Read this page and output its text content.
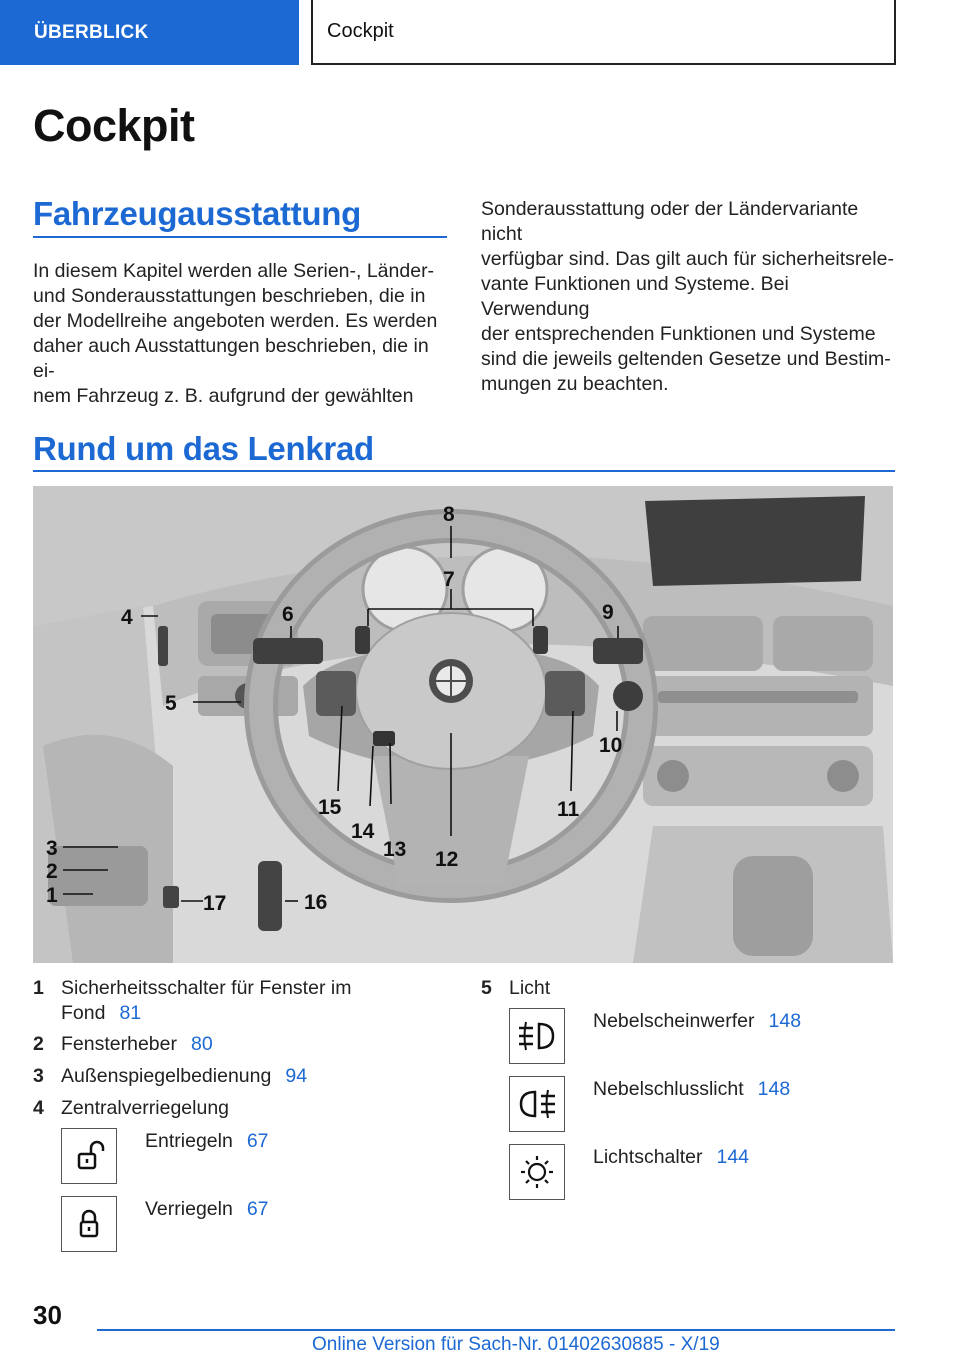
ÜBERBLICK	Cockpit
Cockpit
Fahrzeugausstattung

In diesem Kapitel werden alle Serien-, Länder-
und Sonderausstattungen beschrieben, die in
der Modellreihe angeboten werden. Es werden
daher auch Ausstattungen beschrieben, die in ei-
nem Fahrzeug z. B. aufgrund der gewählten

Sonderausstattung oder der Ländervariante nicht
verfügbar sind. Das gilt auch für sicherheitsrele-
vante Funktionen und Systeme. Bei Verwendung
der entsprechenden Funktionen und Systeme
sind die jeweils geltenden Gesetze und Bestim-
mungen zu beachten.

Rund um das Lenkrad
8
7
6	9
4
5
10
11
12
13
14
15
16
17
3
2
1
1 Sicherheitsschalter für Fenster im
Fond 81
2 Fensterheber 80
3 Außenspiegelbedienung 94
4 Zentralverriegelung
Entriegeln 67
Verriegeln 67
5 Licht
Nebelscheinwerfer 148
Nebelschlusslicht 148
Lichtschalter 144
30
Online Version für Sach-Nr. 01402630885 - X/19
